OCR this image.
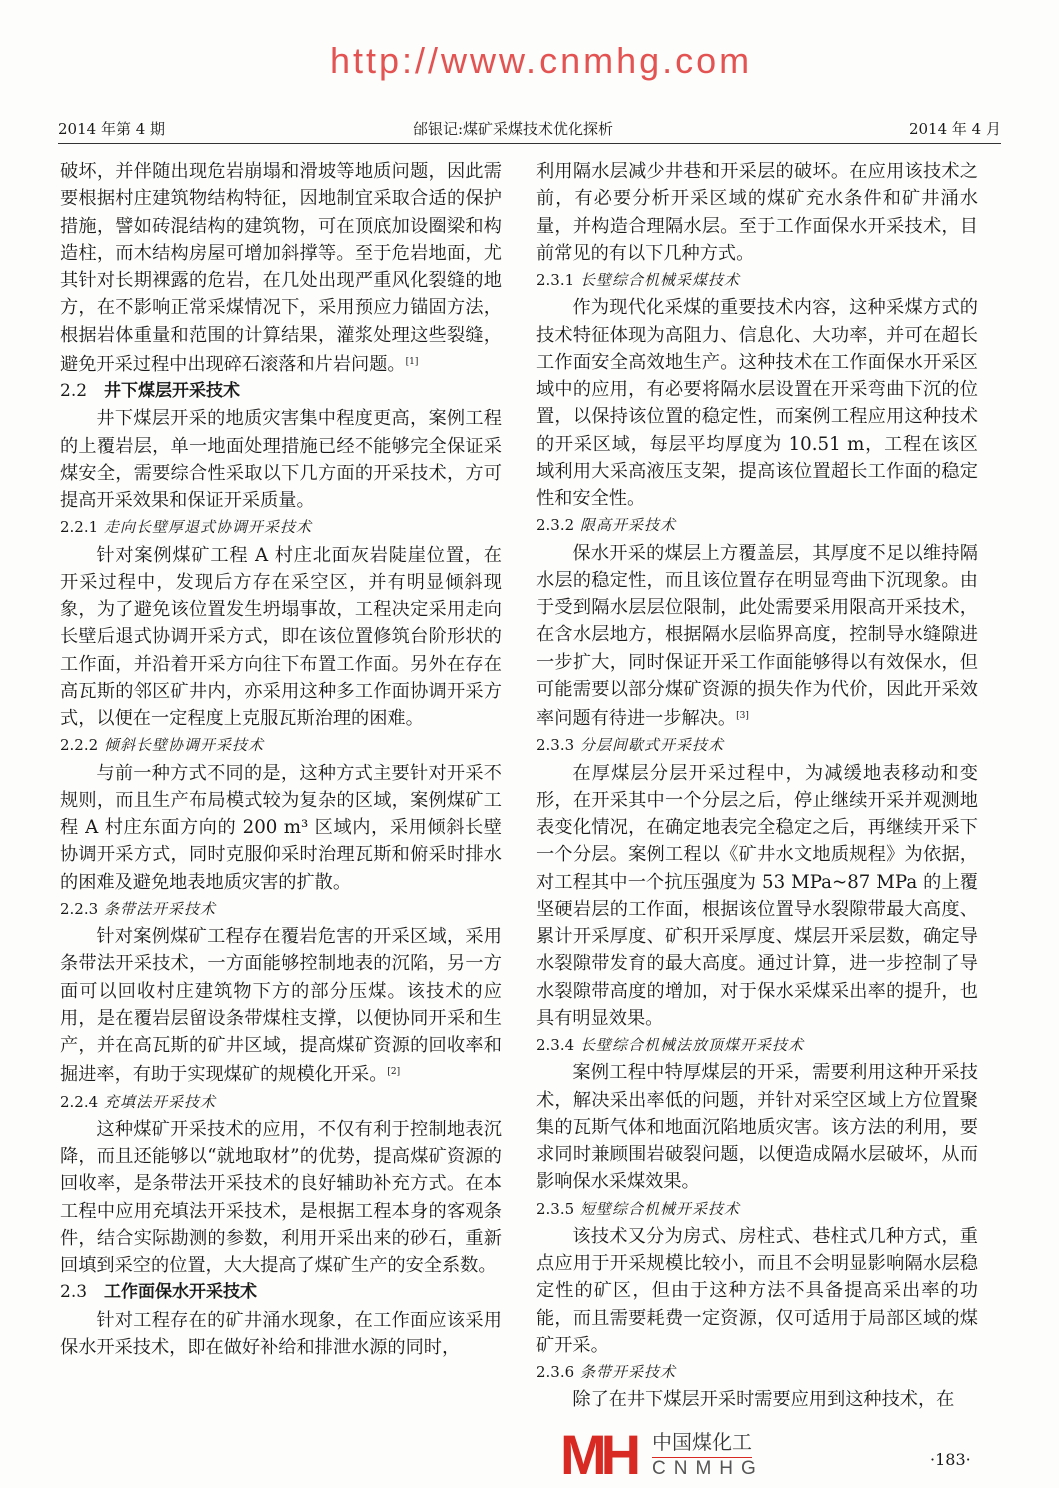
http://www.cnmhg.com
2014 年第 4 期	邰银记:煤矿采煤技术优化探析	2014 年 4 月

破坏，并伴随出现危岩崩塌和滑坡等地质问题，因此需要根据村庄建筑物结构特征，因地制宜采取合适的保护措施，譬如砖混结构的建筑物，可在顶底加设圈梁和构造柱，而木结构房屋可增加斜撑等。至于危岩地面，尤其针对长期裸露的危岩，在几处出现严重风化裂缝的地方，在不影响正常采煤情况下，采用预应力锚固方法，根据岩体重量和范围的计算结果，灌浆处理这些裂缝，避免开采过程中出现碎石滚落和片岩问题。[1]

2.2 井下煤层开采技术

井下煤层开采的地质灾害集中程度更高，案例工程的上覆岩层，单一地面处理措施已经不能够完全保证采煤安全，需要综合性采取以下几方面的开采技术，方可提高开采效果和保证开采质量。

2.2.1 走向长壁厚退式协调开采技术

针对案例煤矿工程 A 村庄北面灰岩陡崖位置，在开采过程中，发现后方存在采空区，并有明显倾斜现象，为了避免该位置发生坍塌事故，工程决定采用走向长壁后退式协调开采方式，即在该位置修筑台阶形状的工作面，并沿着开采方向往下布置工作面。另外在存在高瓦斯的邻区矿井内，亦采用这种多工作面协调开采方式，以便在一定程度上克服瓦斯治理的困难。

2.2.2 倾斜长壁协调开采技术

与前一种方式不同的是，这种方式主要针对开采不规则，而且生产布局模式较为复杂的区域，案例煤矿工程 A 村庄东面方向的 200 m³ 区域内，采用倾斜长壁协调开采方式，同时克服仰采时治理瓦斯和俯采时排水的困难及避免地表地质灾害的扩散。

2.2.3 条带法开采技术

针对案例煤矿工程存在覆岩危害的开采区域，采用条带法开采技术，一方面能够控制地表的沉陷，另一方面可以回收村庄建筑物下方的部分压煤。该技术的应用，是在覆岩层留设条带煤柱支撑，以便协同开采和生产，并在高瓦斯的矿井区域，提高煤矿资源的回收率和掘进率，有助于实现煤矿的规模化开采。[2]

2.2.4 充填法开采技术

这种煤矿开采技术的应用，不仅有利于控制地表沉降，而且还能够以“就地取材”的优势，提高煤矿资源的回收率，是条带法开采技术的良好辅助补充方式。在本工程中应用充填法开采技术，是根据工程本身的客观条件，结合实际勘测的参数，利用开采出来的砂石，重新回填到采空的位置，大大提高了煤矿生产的安全系数。

2.3 工作面保水开采技术

针对工程存在的矿井涌水现象，在工作面应该采用保水开采技术，即在做好补给和排泄水源的同时，

利用隔水层减少井巷和开采层的破坏。在应用该技术之前，有必要分析开采区域的煤矿充水条件和矿井涌水量，并构造合理隔水层。至于工作面保水开采技术，目前常见的有以下几种方式。

2.3.1 长壁综合机械采煤技术

作为现代化采煤的重要技术内容，这种采煤方式的技术特征体现为高阻力、信息化、大功率，并可在超长工作面安全高效地生产。这种技术在工作面保水开采区域中的应用，有必要将隔水层设置在开采弯曲下沉的位置，以保持该位置的稳定性，而案例工程应用这种技术的开采区域，每层平均厚度为 10.51 m，工程在该区域利用大采高液压支架，提高该位置超长工作面的稳定性和安全性。

2.3.2 限高开采技术

保水开采的煤层上方覆盖层，其厚度不足以维持隔水层的稳定性，而且该位置存在明显弯曲下沉现象。由于受到隔水层层位限制，此处需要采用限高开采技术，在含水层地方，根据隔水层临界高度，控制导水缝隙进一步扩大，同时保证开采工作面能够得以有效保水，但可能需要以部分煤矿资源的损失作为代价，因此开采效率问题有待进一步解决。[3]

2.3.3 分层间歇式开采技术

在厚煤层分层开采过程中，为减缓地表移动和变形，在开采其中一个分层之后，停止继续开采并观测地表变化情况，在确定地表完全稳定之后，再继续开采下一个分层。案例工程以《矿井水文地质规程》为依据，对工程其中一个抗压强度为 53 MPa~87 MPa 的上覆坚硬岩层的工作面，根据该位置导水裂隙带最大高度、累计开采厚度、矿积开采厚度、煤层开采层数，确定导水裂隙带发育的最大高度。通过计算，进一步控制了导水裂隙带高度的增加，对于保水采煤采出率的提升，也具有明显效果。

2.3.4 长壁综合机械法放顶煤开采技术

案例工程中特厚煤层的开采，需要利用这种开采技术，解决采出率低的问题，并针对采空区域上方位置聚集的瓦斯气体和地面沉陷地质灾害。该方法的利用，要求同时兼顾围岩破裂问题，以便造成隔水层破坏，从而影响保水采煤效果。

2.3.5 短壁综合机械开采技术

该技术又分为房式、房柱式、巷柱式几种方式，重点应用于开采规模比较小，而且不会明显影响隔水层稳定性的矿区，但由于这种方法不具备提高采出率的功能，而且需要耗费一定资源，仅可适用于局部区域的煤矿开采。

2.3.6 条带开采技术

除了在井下煤层开采时需要应用到这种技术，在

MH 中国煤化工
CNMHG	·183·
